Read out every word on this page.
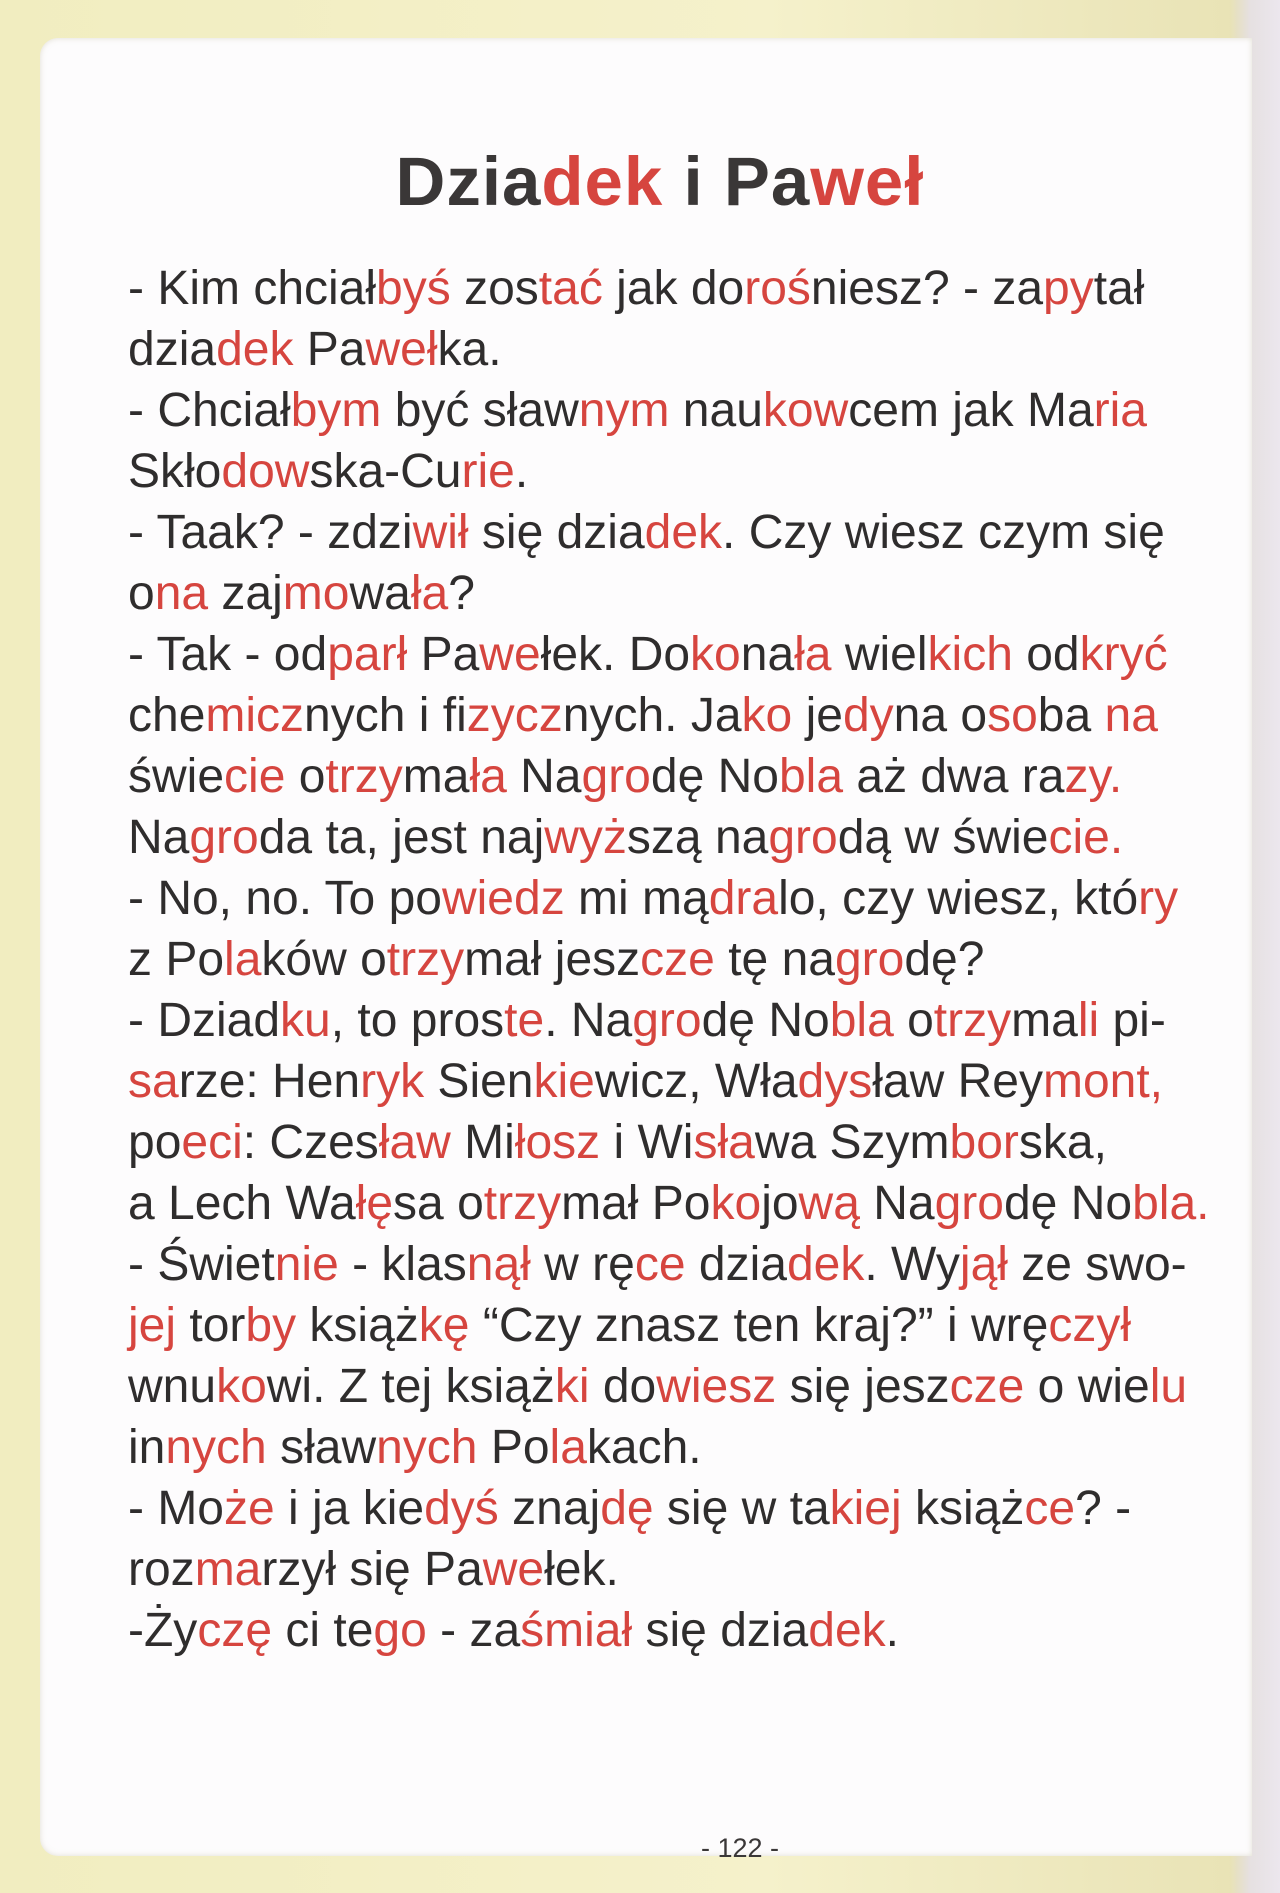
Dziadek i Paweł
- Kim chciałbyś zostać jak dorośniesz? - zapytał
dziadek Pawełka.
- Chciałbym być sławnym naukowcem jak Maria
Skłodowska-Curie.
- Taak? - zdziwił się dziadek. Czy wiesz czym się
ona zajmowała?
- Tak - odparł Pawełek. Dokonała wielkich odkryć
chemicznych i fizycznych. Jako jedyna osoba na
świecie otrzymała Nagrodę Nobla aż dwa razy.
Nagroda ta, jest najwyższą nagrodą w świecie.
- No, no. To powiedz mi mądralo, czy wiesz, który
z Polaków otrzymał jeszcze tę nagrodę?
- Dziadku, to proste. Nagrodę Nobla otrzymali pi-
sarze: Henryk Sienkiewicz, Władysław Reymont,
poeci: Czesław Miłosz i Wisława Szymborska,
a Lech Wałęsa otrzymał Pokojową Nagrodę Nobla.
- Świetnie - klasnął w ręce dziadek. Wyjął ze swo-
jej torby książkę “Czy znasz ten kraj?” i wręczył
wnukowi. Z tej książki dowiesz się jeszcze o wielu
innych sławnych Polakach.
- Może i ja kiedyś znajdę się w takiej książce? -
rozmarzył się Pawełek.
-Życzę ci tego - zaśmiał się dziadek.
- 122 -
